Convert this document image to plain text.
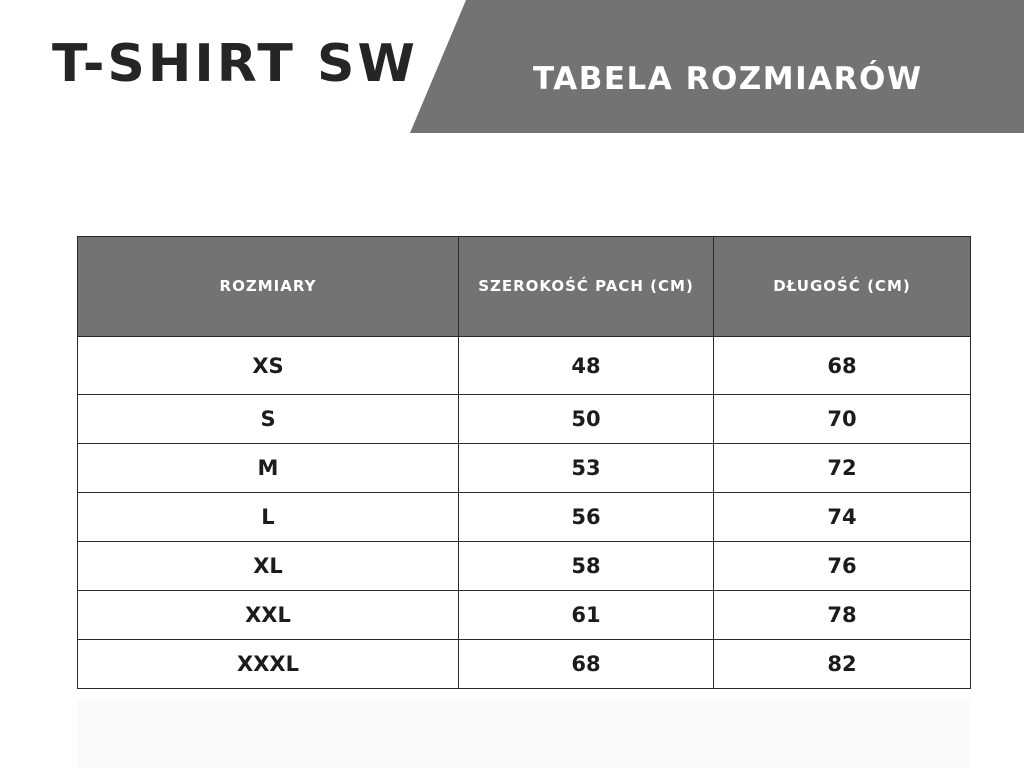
T-SHIRT SW	TABELA ROZMIARÓW
ROZMIARY	SZEROKOŚĆ PACH (CM)	DŁUGOŚĆ (CM)
XS	48	68
S	50	70
M	53	72
L	56	74
XL	58	76
XXL	61	78
XXXL	68	82
